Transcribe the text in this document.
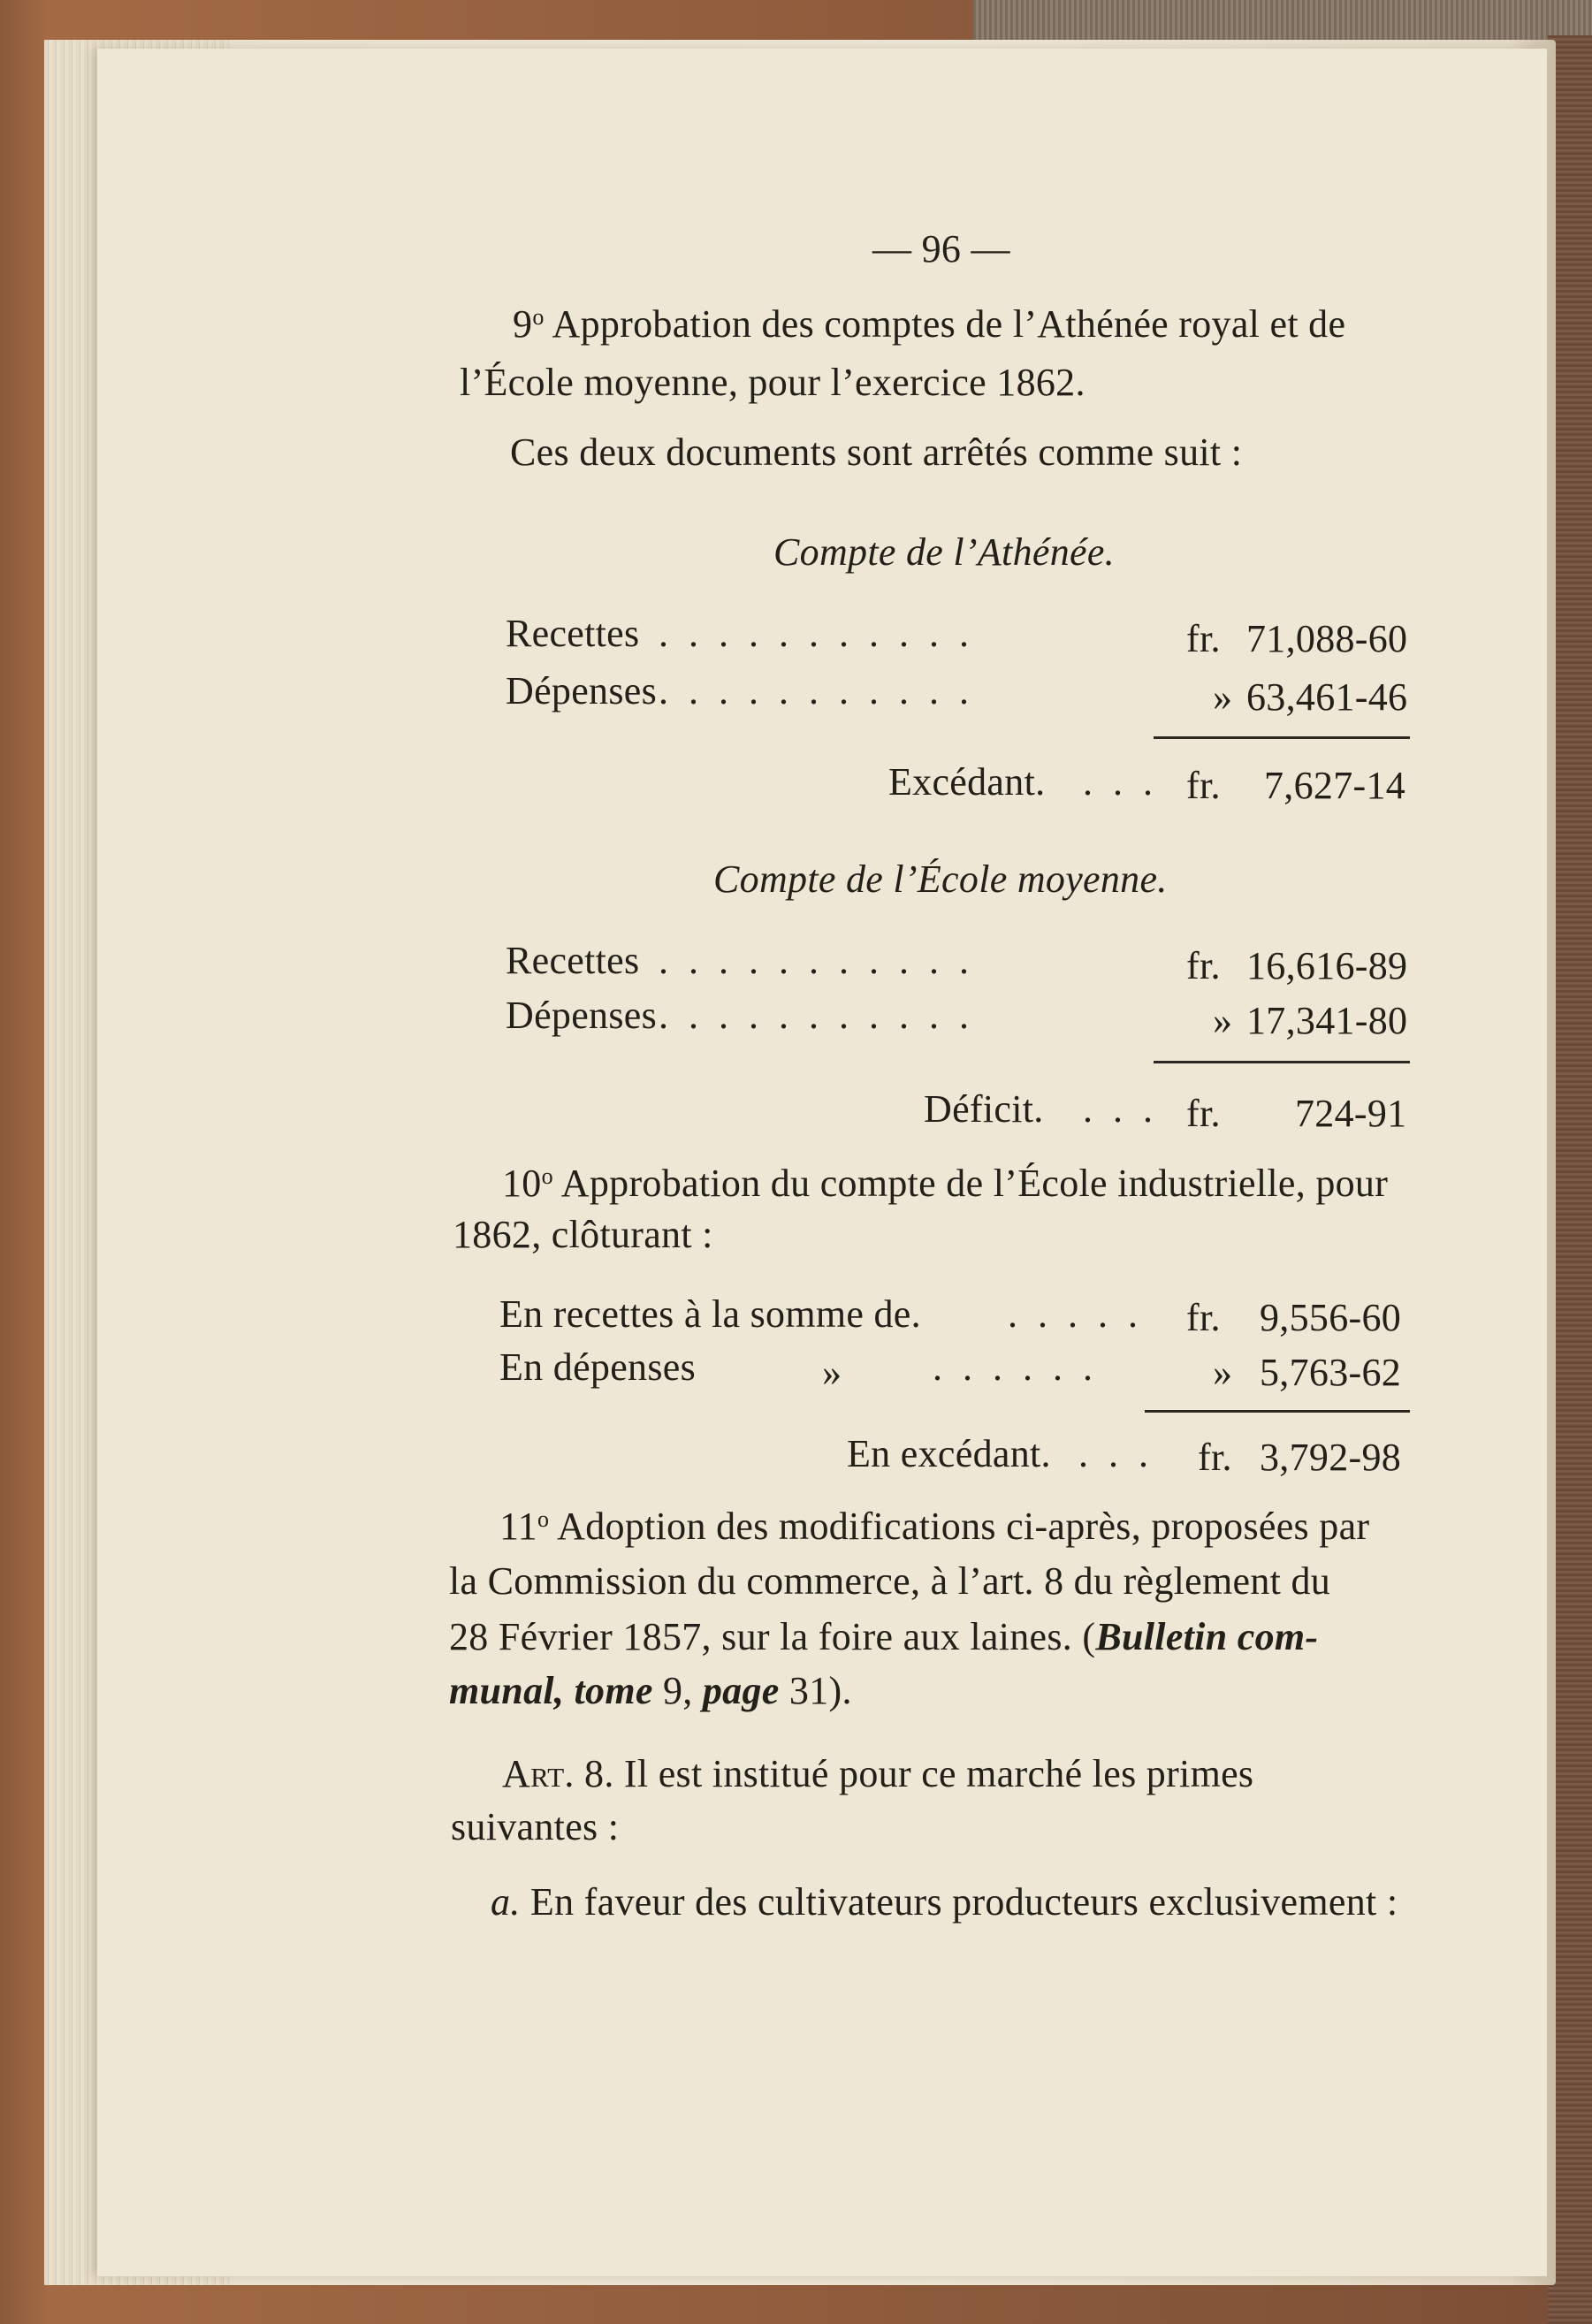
— 96 —
9$^o$ Approbation des comptes de l’Athénée royal et de
l’École moyenne, pour l’exercice 1862.
Ces deux documents sont arrêtés comme suit :
Compte de l’Athénée.
Recettes . . . . . . . . . . .	fr. 71,088-60
Dépenses . . . . . . . . . . .	» 63,461-46
Excédant. . . . fr. 7,627-14
Compte de l’École moyenne.
Recettes . . . . . . . . . . .	fr. 16,616-89
Dépenses . . . . . . . . . . .	» 17,341-80
Déficit. . . . fr. 724-91
10$^o$ Approbation du compte de l’École industrielle, pour
1862, clôturant :
En recettes à la somme de. . . . . . fr. 9,556-60
En dépenses	» . . . . . .	» 5,763-62
En excédant. . . . fr. 3,792-98
11$^o$ Adoption des modifications ci-après, proposées par
la Commission du commerce, à l’art. 8 du règlement du
28 Février 1857, sur la foire aux laines. (Bulletin com-
munal, tome 9, page 31).
Art. 8. Il est institué pour ce marché les primes
suivantes :
a. En faveur des cultivateurs producteurs exclusivement :
